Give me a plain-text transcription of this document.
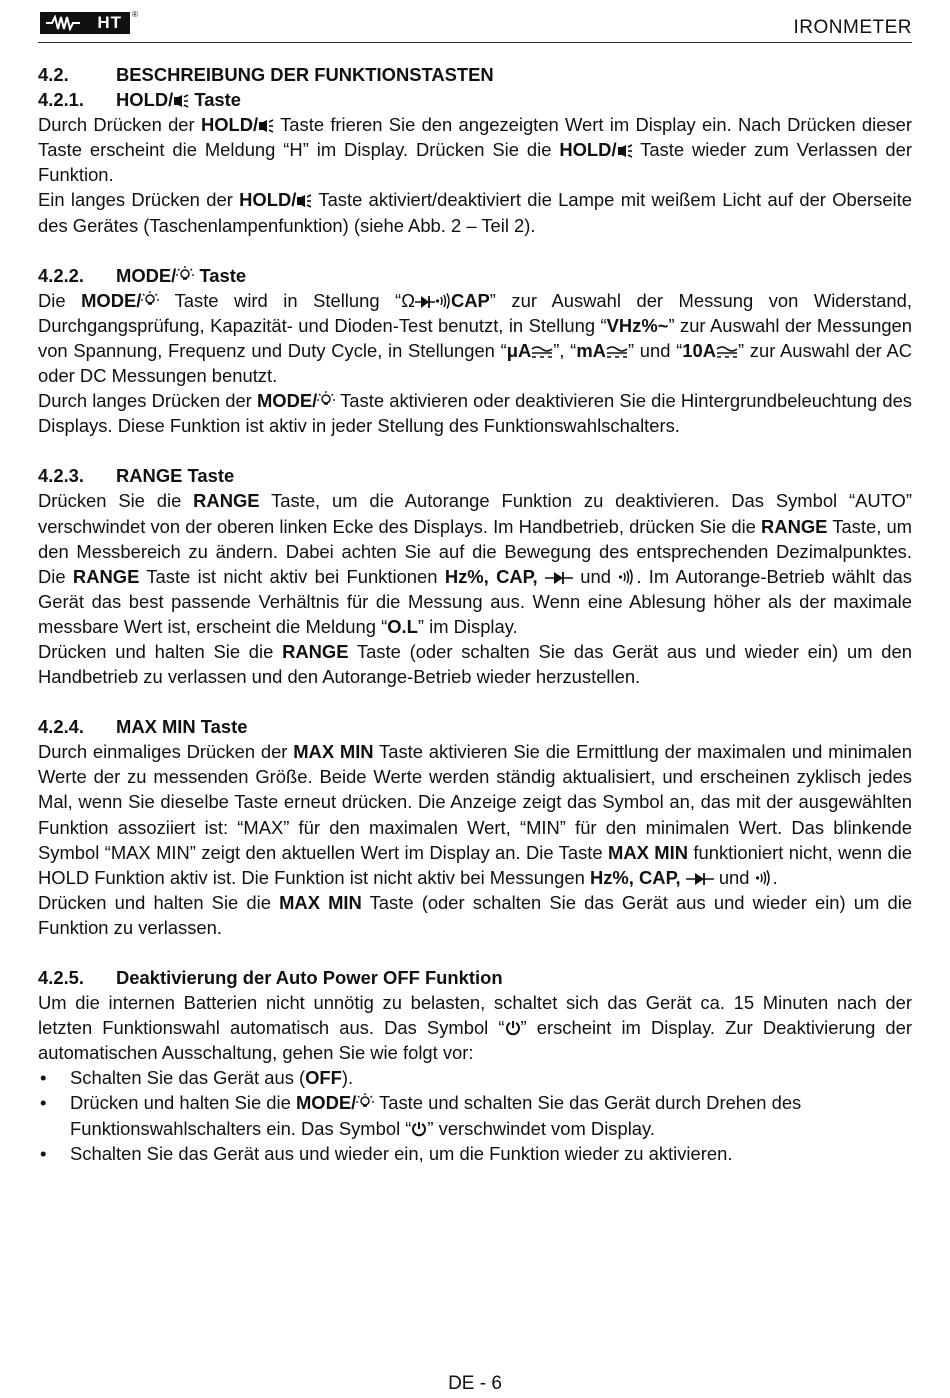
HT ®
IRONMETER
4.2.	BESCHREIBUNG DER FUNKTIONSTASTEN
4.2.1. HOLD/ Taste

Durch Drücken der HOLD/ Taste frieren Sie den angezeigten Wert im Display ein. Nach Drücken dieser Taste erscheint die Meldung “H” im Display. Drücken Sie die HOLD/ Taste wieder zum Verlassen der Funktion.

Ein langes Drücken der HOLD/ Taste aktiviert/deaktiviert die Lampe mit weißem Licht auf der Oberseite des Gerätes (Taschenlampenfunktion) (siehe Abb. 2 – Teil 2).

4.2.2. MODE/ Taste

Die MODE/ Taste wird in Stellung “Ω CAP” zur Auswahl der Messung von Widerstand, Durchgangsprüfung, Kapazität- und Dioden-Test benutzt, in Stellung “VHz%~” zur Auswahl der Messungen von Spannung, Frequenz und Duty Cycle, in Stellungen “μA ”, “mA ” und “10A ” zur Auswahl der AC oder DC Messungen benutzt.

Durch langes Drücken der MODE/ Taste aktivieren oder deaktivieren Sie die Hintergrundbeleuchtung des Displays. Diese Funktion ist aktiv in jeder Stellung des Funktionswahlschalters.

4.2.3. RANGE Taste

Drücken Sie die RANGE Taste, um die Autorange Funktion zu deaktivieren. Das Symbol “AUTO” verschwindet von der oberen linken Ecke des Displays. Im Handbetrieb, drücken Sie die RANGE Taste, um den Messbereich zu ändern. Dabei achten Sie auf die Bewegung des entsprechenden Dezimalpunktes. Die RANGE Taste ist nicht aktiv bei Funktionen Hz%, CAP,  und . Im Autorange-Betrieb wählt das Gerät das best passende Verhältnis für die Messung aus. Wenn eine Ablesung höher als der maximale messbare Wert ist, erscheint die Meldung “O.L” im Display.

Drücken und halten Sie die RANGE Taste (oder schalten Sie das Gerät aus und wieder ein) um den Handbetrieb zu verlassen und den Autorange-Betrieb wieder herzustellen.

4.2.4. MAX MIN Taste

Durch einmaliges Drücken der MAX MIN Taste aktivieren Sie die Ermittlung der maximalen und minimalen Werte der zu messenden Größe. Beide Werte werden ständig aktualisiert, und erscheinen zyklisch jedes Mal, wenn Sie dieselbe Taste erneut drücken. Die Anzeige zeigt das Symbol an, das mit der ausgewählten Funktion assoziiert ist: “MAX” für den maximalen Wert, “MIN” für den minimalen Wert. Das blinkende Symbol “MAX MIN” zeigt den aktuellen Wert im Display an. Die Taste MAX MIN funktioniert nicht, wenn die HOLD Funktion aktiv ist. Die Funktion ist nicht aktiv bei Messungen Hz%, CAP,  und .

Drücken und halten Sie die MAX MIN Taste (oder schalten Sie das Gerät aus und wieder ein) um die Funktion zu verlassen.

4.2.5. Deaktivierung der Auto Power OFF Funktion

Um die internen Batterien nicht unnötig zu belasten, schaltet sich das Gerät ca. 15 Minuten nach der letzten Funktionswahl automatisch aus. Das Symbol “ ” erscheint im Display. Zur Deaktivierung der automatischen Ausschaltung, gehen Sie wie folgt vor:

• Schalten Sie das Gerät aus (OFF).
• Drücken und halten Sie die MODE/ Taste und schalten Sie das Gerät durch Drehen des Funktionswahlschalters ein. Das Symbol “ ” verschwindet vom Display.
• Schalten Sie das Gerät aus und wieder ein, um die Funktion wieder zu aktivieren.
DE - 6
